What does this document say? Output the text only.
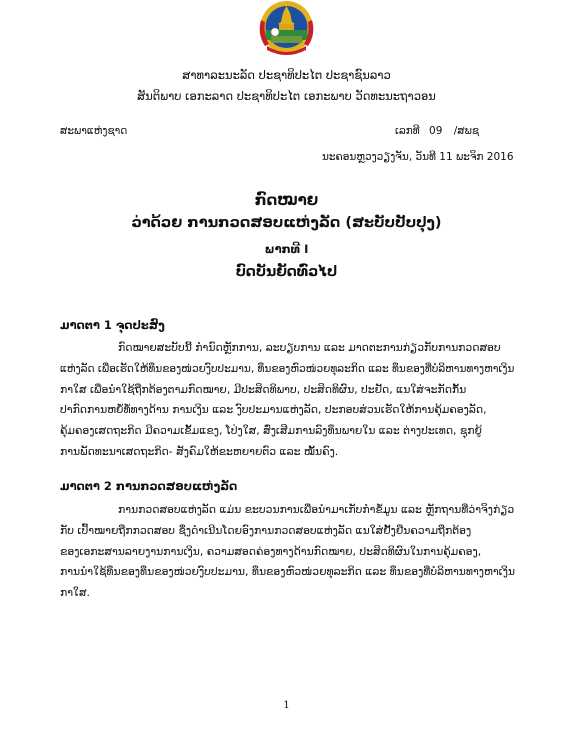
ສາທາລະນະລັດ ປະຊາທິປະໄຕ ປະຊາຊົນລາວ
ສັນຕິພາບ ເອກະລາດ ປະຊາທິປະໄຕ ເອກະພາບ ວັດທະນະຖາວອນ
ສະພາແຫ່ງຊາດ	ເລກທີ 09 /ສພຊ
ນະຄອນຫຼວງວຽງຈັນ, ວັນທີ 11 ພະຈິກ 2016
ກົດໝາຍ
ວ່າດ້ວຍ ການກວດສອບແຫ່ງລັດ (ສະບັບປັບປຸງ)
ພາກທີ I
ບົດບັນຍັດທົ່ວໄປ
ມາດຕາ 1 ຈຸດປະສົງ
ກົດໝາຍສະບັບນີ້ ກຳນົດຫຼັກການ, ລະບຽບການ ແລະ ມາດຕະການກ່ຽວກັບການກວດສອບ
ແຫ່ງລັດ ເພື່ອເຮັດໃຫ້ທຶນຂອງໜ່ວຍງົບປະມານ, ທຶນຂອງຫົວໜ່ວຍທຸລະກິດ ແລະ ທຶນຂອງທີ່ບໍລິຫານທາງຫາເງິນ
ກາໃສ ເພື່ອນໍາໃຊ້ຖືກຕ້ອງຕາມກົດໝາຍ, ມີປະສິດທິພາບ, ປະສິດທິຜົນ, ປະຢັດ, ແນໃສ່ຈະກັດກັ້ນ
ປາກົດການຫຍໍ້ທໍ້ທາງດ້ານ ການເງິນ ແລະ ງົບປະມານແຫ່ງລັດ, ປະກອບສ່ວນເຮັດໃຫ້ການຄຸ້ມຄອງລັດ,
ຄຸ້ມຄອງເສດຖະກິດ ມີຄວາມເຂັ້ມແຂງ, ໂປ່ງໃສ, ສົ່ງເສີມການລົງທຶນພາຍໃນ ແລະ ຕ່າງປະເທດ, ຊຸກຍູ້
ການພັດທະນາເສດຖະກິດ- ສັງຄົມໃຫ້ຂະຫຍາຍຕົວ ແລະ ໝັ້ນຄົງ.
ມາດຕາ 2 ການກວດສອບແຫ່ງລັດ
ການກວດສອບແຫ່ງລັດ ແມ່ນ ຂະບວນການເພື່ອນໍາມາເກັບກໍາຂໍ້ມູນ ແລະ ຫຼັກຖານທີ່ວ່າຈິງກ່ຽວ
ກັບ ເປົ້າໝາຍຖືກກວດສອບ ຊຶ່ງດຳເນີນໂດຍອົງການກວດສອບແຫ່ງລັດ ແນໃສ່ຢັ້ງຢືນຄວາມຖືກຕ້ອງ
ຂອງເອກະສານລາຍງານການເງິນ, ຄວາມສອດຄ່ອງທາງດ້ານກົດໝາຍ, ປະສິດທິຜົນໃນການຄຸ້ມຄອງ,
ການນໍາໃຊ້ທຶນຂອງທຶນຂອງໜ່ວຍງົບປະມານ, ທຶນຂອງຫົວໜ່ວຍທຸລະກິດ ແລະ ທຶນຂອງທີ່ບໍລິຫານທາງຫາເງິນ
ກາໃສ.
1
